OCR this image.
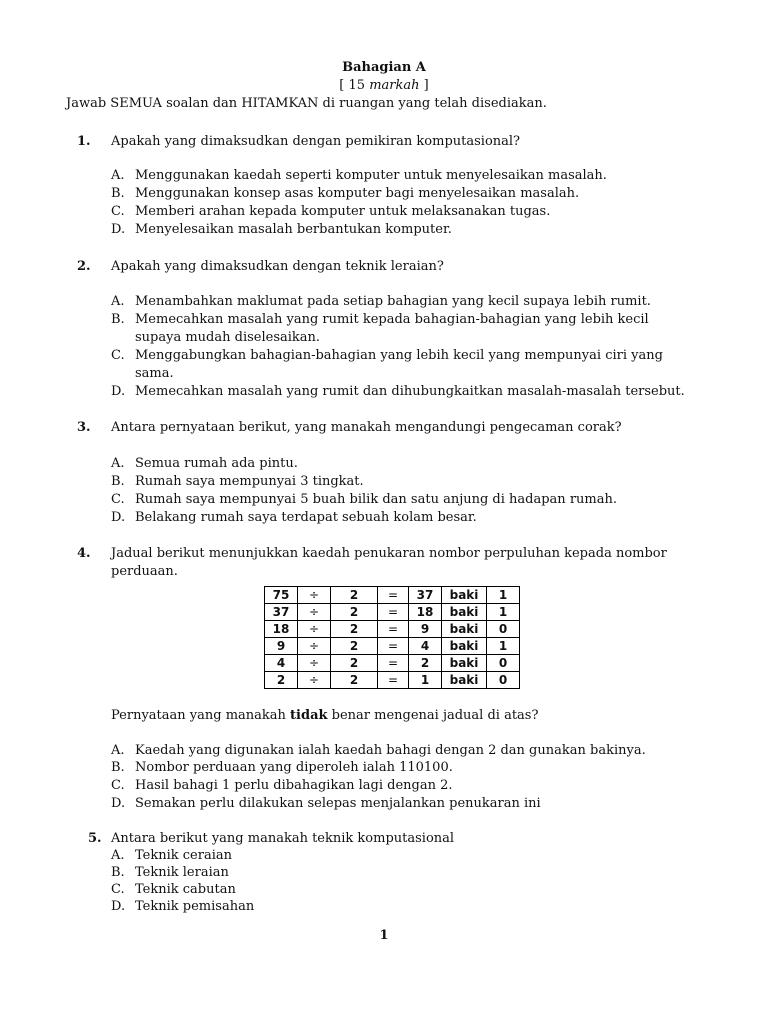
Bahagian A
[ 15 markah ]
Jawab SEMUA soalan dan HITAMKAN di ruangan yang telah disediakan.
1. Apakah yang dimaksudkan dengan pemikiran komputasional?
A. Menggunakan kaedah seperti komputer untuk menyelesaikan masalah.
B. Menggunakan konsep asas komputer bagi menyelesaikan masalah.
C. Memberi arahan kepada komputer untuk melaksanakan tugas.
D. Menyelesaikan masalah berbantukan komputer.
2. Apakah yang dimaksudkan dengan teknik leraian?
A. Menambahkan maklumat pada setiap bahagian yang kecil supaya lebih rumit.
B. Memecahkan masalah yang rumit kepada bahagian-bahagian yang lebih kecil
supaya mudah diselesaikan.
C. Menggabungkan bahagian-bahagian yang lebih kecil yang mempunyai ciri yang
sama.
D. Memecahkan masalah yang rumit dan dihubungkaitkan masalah-masalah tersebut.
3. Antara pernyataan berikut, yang manakah mengandungi pengecaman corak?
A. Semua rumah ada pintu.
B. Rumah saya mempunyai 3 tingkat.
C. Rumah saya mempunyai 5 buah bilik dan satu anjung di hadapan rumah.
D. Belakang rumah saya terdapat sebuah kolam besar.
4. Jadual berikut menunjukkan kaedah penukaran nombor perpuluhan kepada nombor
perduaan.
75	÷	2	=	37	baki	1
37	÷	2	=	18	baki	1
18	÷	2	=	9	baki	0
9	÷	2	=	4	baki	1
4	÷	2	=	2	baki	0
2	÷	2	=	1	baki	0
Pernyataan yang manakah tidak benar mengenai jadual di atas?
A. Kaedah yang digunakan ialah kaedah bahagi dengan 2 dan gunakan bakinya.
B. Nombor perduaan yang diperoleh ialah 110100.
C. Hasil bahagi 1 perlu dibahagikan lagi dengan 2.
D. Semakan perlu dilakukan selepas menjalankan penukaran ini
5. Antara berikut yang manakah teknik komputasional
A. Teknik ceraian
B. Teknik leraian
C. Teknik cabutan
D. Teknik pemisahan
1
